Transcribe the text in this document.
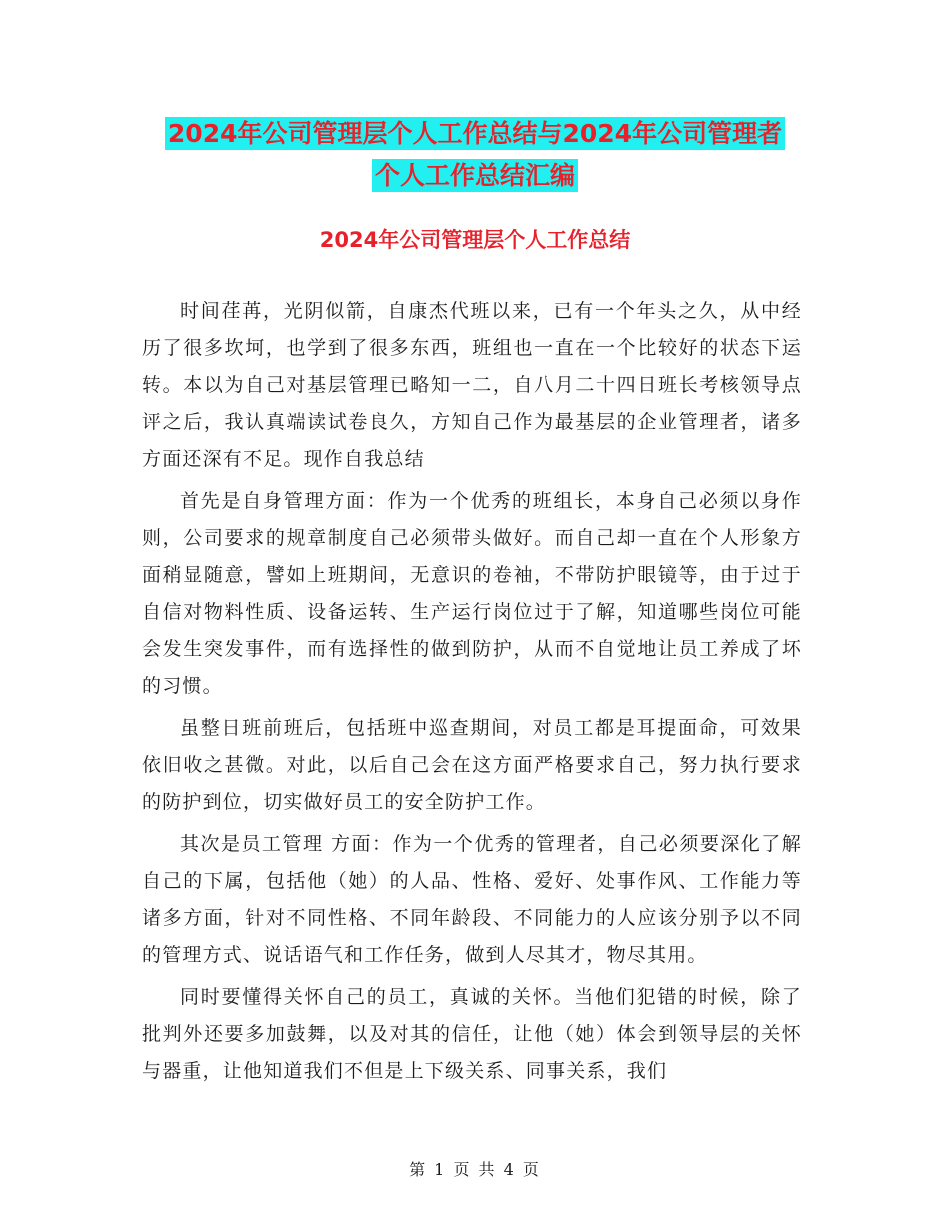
2024年公司管理层个人工作总结与2024年公司管理者
个人工作总结汇编
2024年公司管理层个人工作总结

时间荏苒，光阴似箭，自康杰代班以来，已有一个年头之久，从中经历了很多坎坷，也学到了很多东西，班组也一直在一个比较好的状态下运转。本以为自己对基层管理已略知一二，自八月二十四日班长考核领导点评之后，我认真端读试卷良久，方知自己作为最基层的企业管理者，诸多方面还深有不足。现作自我总结

首先是自身管理方面：作为一个优秀的班组长，本身自己必须以身作则，公司要求的规章制度自己必须带头做好。而自己却一直在个人形象方面稍显随意，譬如上班期间，无意识的卷袖，不带防护眼镜等，由于过于自信对物料性质、设备运转、生产运行岗位过于了解，知道哪些岗位可能会发生突发事件，而有选择性的做到防护，从而不自觉地让员工养成了坏的习惯。

虽整日班前班后，包括班中巡查期间，对员工都是耳提面命，可效果依旧收之甚微。对此，以后自己会在这方面严格要求自己，努力执行要求的防护到位，切实做好员工的安全防护工作。

其次是员工管理 方面：作为一个优秀的管理者，自己必须要深化了解自己的下属，包括他（她）的人品、性格、爱好、处事作风、工作能力等诸多方面，针对不同性格、不同年龄段、不同能力的人应该分别予以不同的管理方式、说话语气和工作任务，做到人尽其才，物尽其用。

同时要懂得关怀自己的员工，真诚的关怀。当他们犯错的时候，除了批判外还要多加鼓舞，以及对其的信任，让他（她）体会到领导层的关怀与器重，让他知道我们不但是上下级关系、同事关系，我们

第 1 页 共 4 页
